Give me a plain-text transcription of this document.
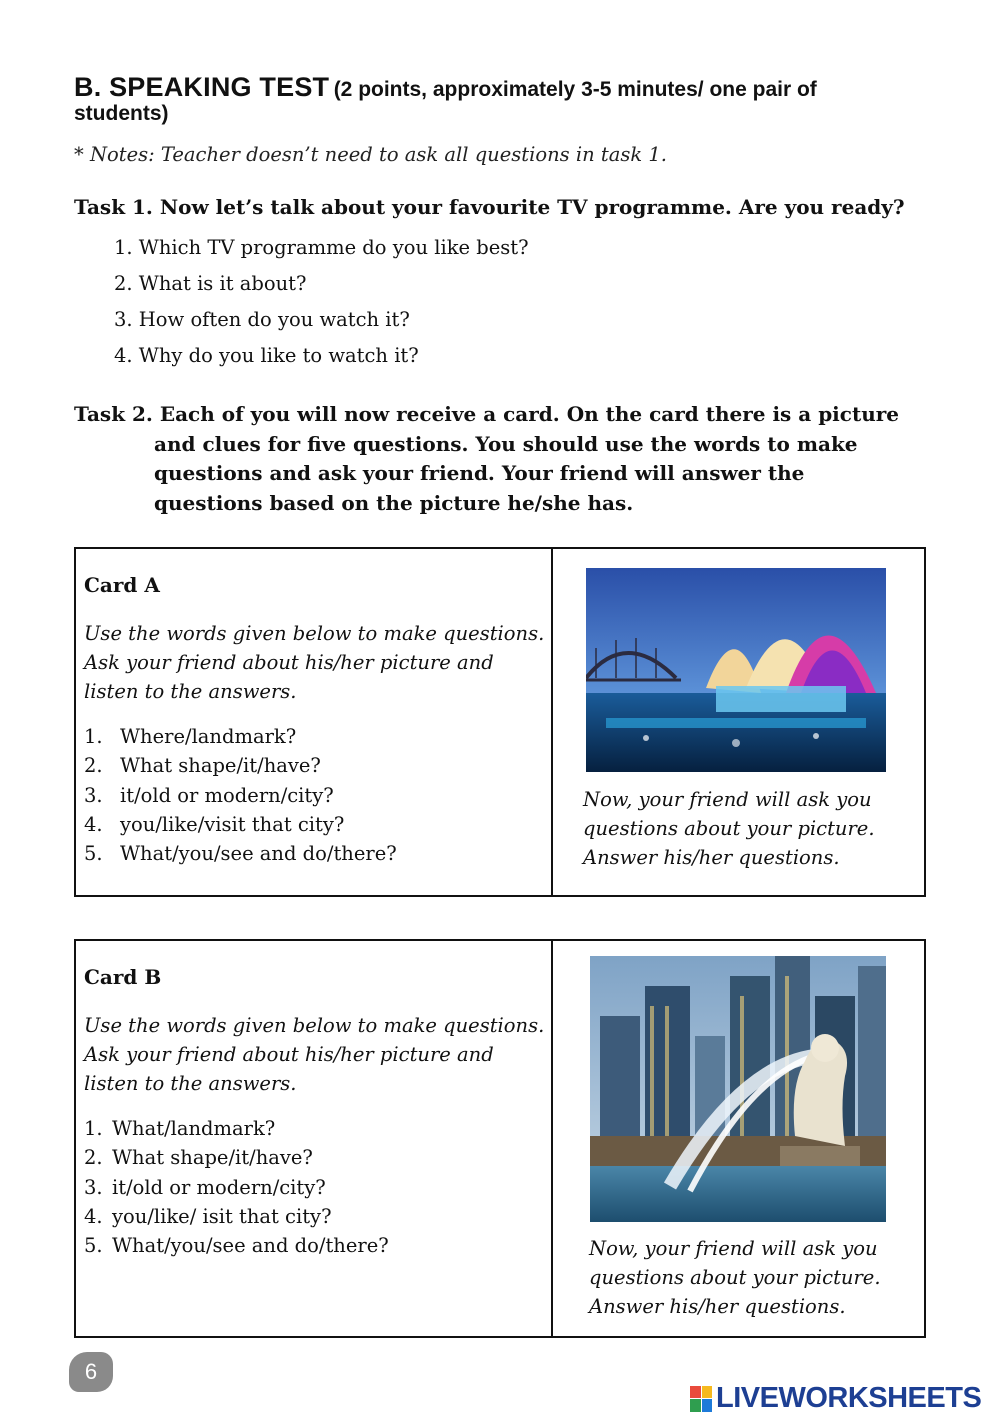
B. SPEAKING TEST (2 points, approximately 3-5 minutes/ one pair of
students)
* Notes: Teacher doesn’t need to ask all questions in task 1.
Task 1. Now let’s talk about your favourite TV programme. Are you ready?
1. Which TV programme do you like best?
2. What is it about?
3. How often do you watch it?
4. Why do you like to watch it?
Task 2. Each of you will now receive a card. On the card there is a picture
and clues for five questions. You should use the words to make
questions and ask your friend. Your friend will answer the
questions based on the picture he/she has.
Card A
Use the words given below to make questions. Ask your friend about his/her picture and listen to the answers.
1. Where/landmark?
2. What shape/it/have?
3. it/old or modern/city?
4. you/like/visit that city?
5. What/you/see and do/there?
Now, your friend will ask you questions about your picture. Answer his/her questions.
Card B
Use the words given below to make questions. Ask your friend about his/her picture and listen to the answers.
1. What/landmark?
2. What shape/it/have?
3. it/old or modern/city?
4. you/like/ isit that city?
5. What/you/see and do/there?	Now, your friend will ask you questions about your picture. Answer his/her questions.
6
LIVEWORKSHEETS
